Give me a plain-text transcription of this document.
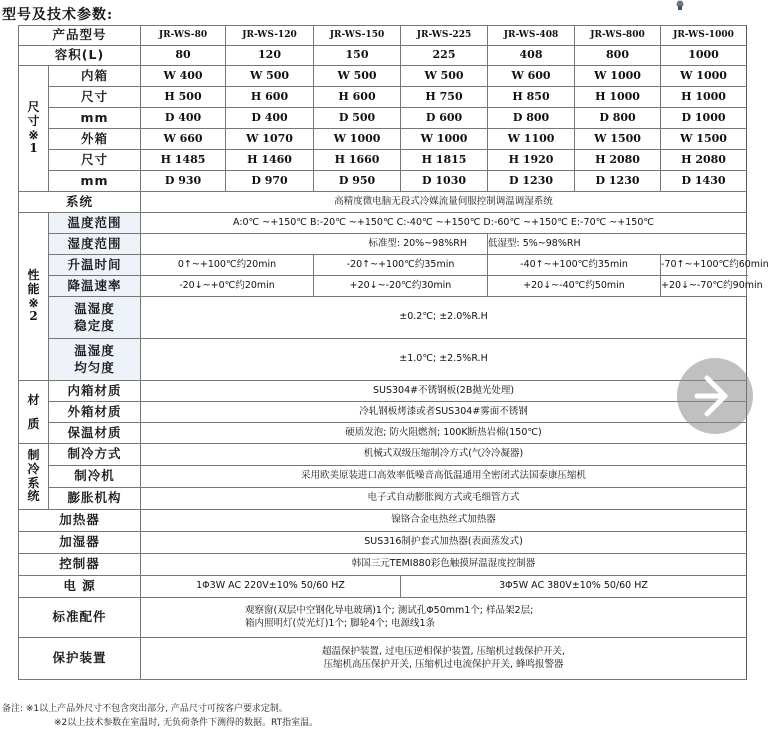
型号及技术参数:
产品型号		JR-WS-80	JR-WS-120	JR-WS-150	JR-WS-225	JR-WS-408	JR-WS-800	JR-WS-1000
容积(L)		80	120	150	225	408	800	1000

尺
寸
※
1	内箱	W 400	W 500	W 500	W 500	W 600	W 1000	W 1000
	尺寸	H 500	H 600	H 600	H 750	H 850	H 1000	H 1000
	mm	D 400	D 400	D 500	D 600	D 800	D 800	D 1000
	外箱	W 660	W 1070	W 1000	W 1000	W 1100	W 1500	W 1500
	尺寸	H 1485	H 1460	H 1660	H 1815	H 1920	H 2080	H 2080
	mm	D 930	D 970	D 950	D 1030	D 1230	D 1230	D 1430
系统		高精度微电脑无段式冷媒流量伺服控制调温调湿系统						

性
能
※
2	温度范围	A:0℃ ~+150℃ B:-20℃ ~+150℃ C:-40℃ ~+150℃ D:-60℃ ~+150℃ E:-70℃ ~+150℃						
	湿度范围	标准型: 20%~98%RH				低湿型: 5%~98%RH		
	升温时间	0↑~+100℃约20min		-20↑~+100℃约35min		-40↑~+100℃约35min		-70↑~+100℃约60min
	降温速率	-20↓~+0℃约20min		+20↓~-20℃约30min		+20↓~-40℃约50min		+20↓~-70℃约90min

	温湿度
稳定度	±0.2℃; ±2.0%R.H						

	温湿度
均匀度	±1.0℃; ±2.5%R.H						

材
质	内箱材质	SUS304#不锈钢板(2B抛光处理)						
	外箱材质	冷轧钢板烤漆或者SUS304#雾面不锈钢						
	保温材质	硬质发泡; 防火阻燃剂; 100K断热岩棉(150℃)						

制
冷
系
统	制冷方式	机械式双级压缩制冷方式(气冷冷凝器)						
	制冷机	采用欧美原装进口高效率低噪音高低温通用全密闭式法国泰康压缩机						
	膨胀机构	电子式自动膨胀阀方式或毛细管方式						
加热器		镍铬合金电热丝式加热器						
加湿器		SUS316制护套式加热器(表面蒸发式)						
控制器		韩国三元TEMI880彩色触摸屏温湿度控制器						
电 源		1Φ3W AC 220V±10% 50/60 HZ			3Φ5W AC 380V±10% 50/60 HZ			
标准配件		观察窗(双层中空钢化导电玻璃)1个; 测试孔Φ50mm1个; 样品架2层;
箱内照明灯(荧光灯)1个; 脚轮4个; 电源线1条						

保护装置		超温保护装置, 过电压逆相保护装置, 压缩机过载保护开关,
压缩机高压保护开关, 压缩机过电流保护开关, 蜂鸣报警器						
备注: ※1以上产品外尺寸不包含突出部分, 产品尺寸可按客户要求定制。
※2以上技术参数在室温时, 无负荷条件下测得的数据。RT指室温。
